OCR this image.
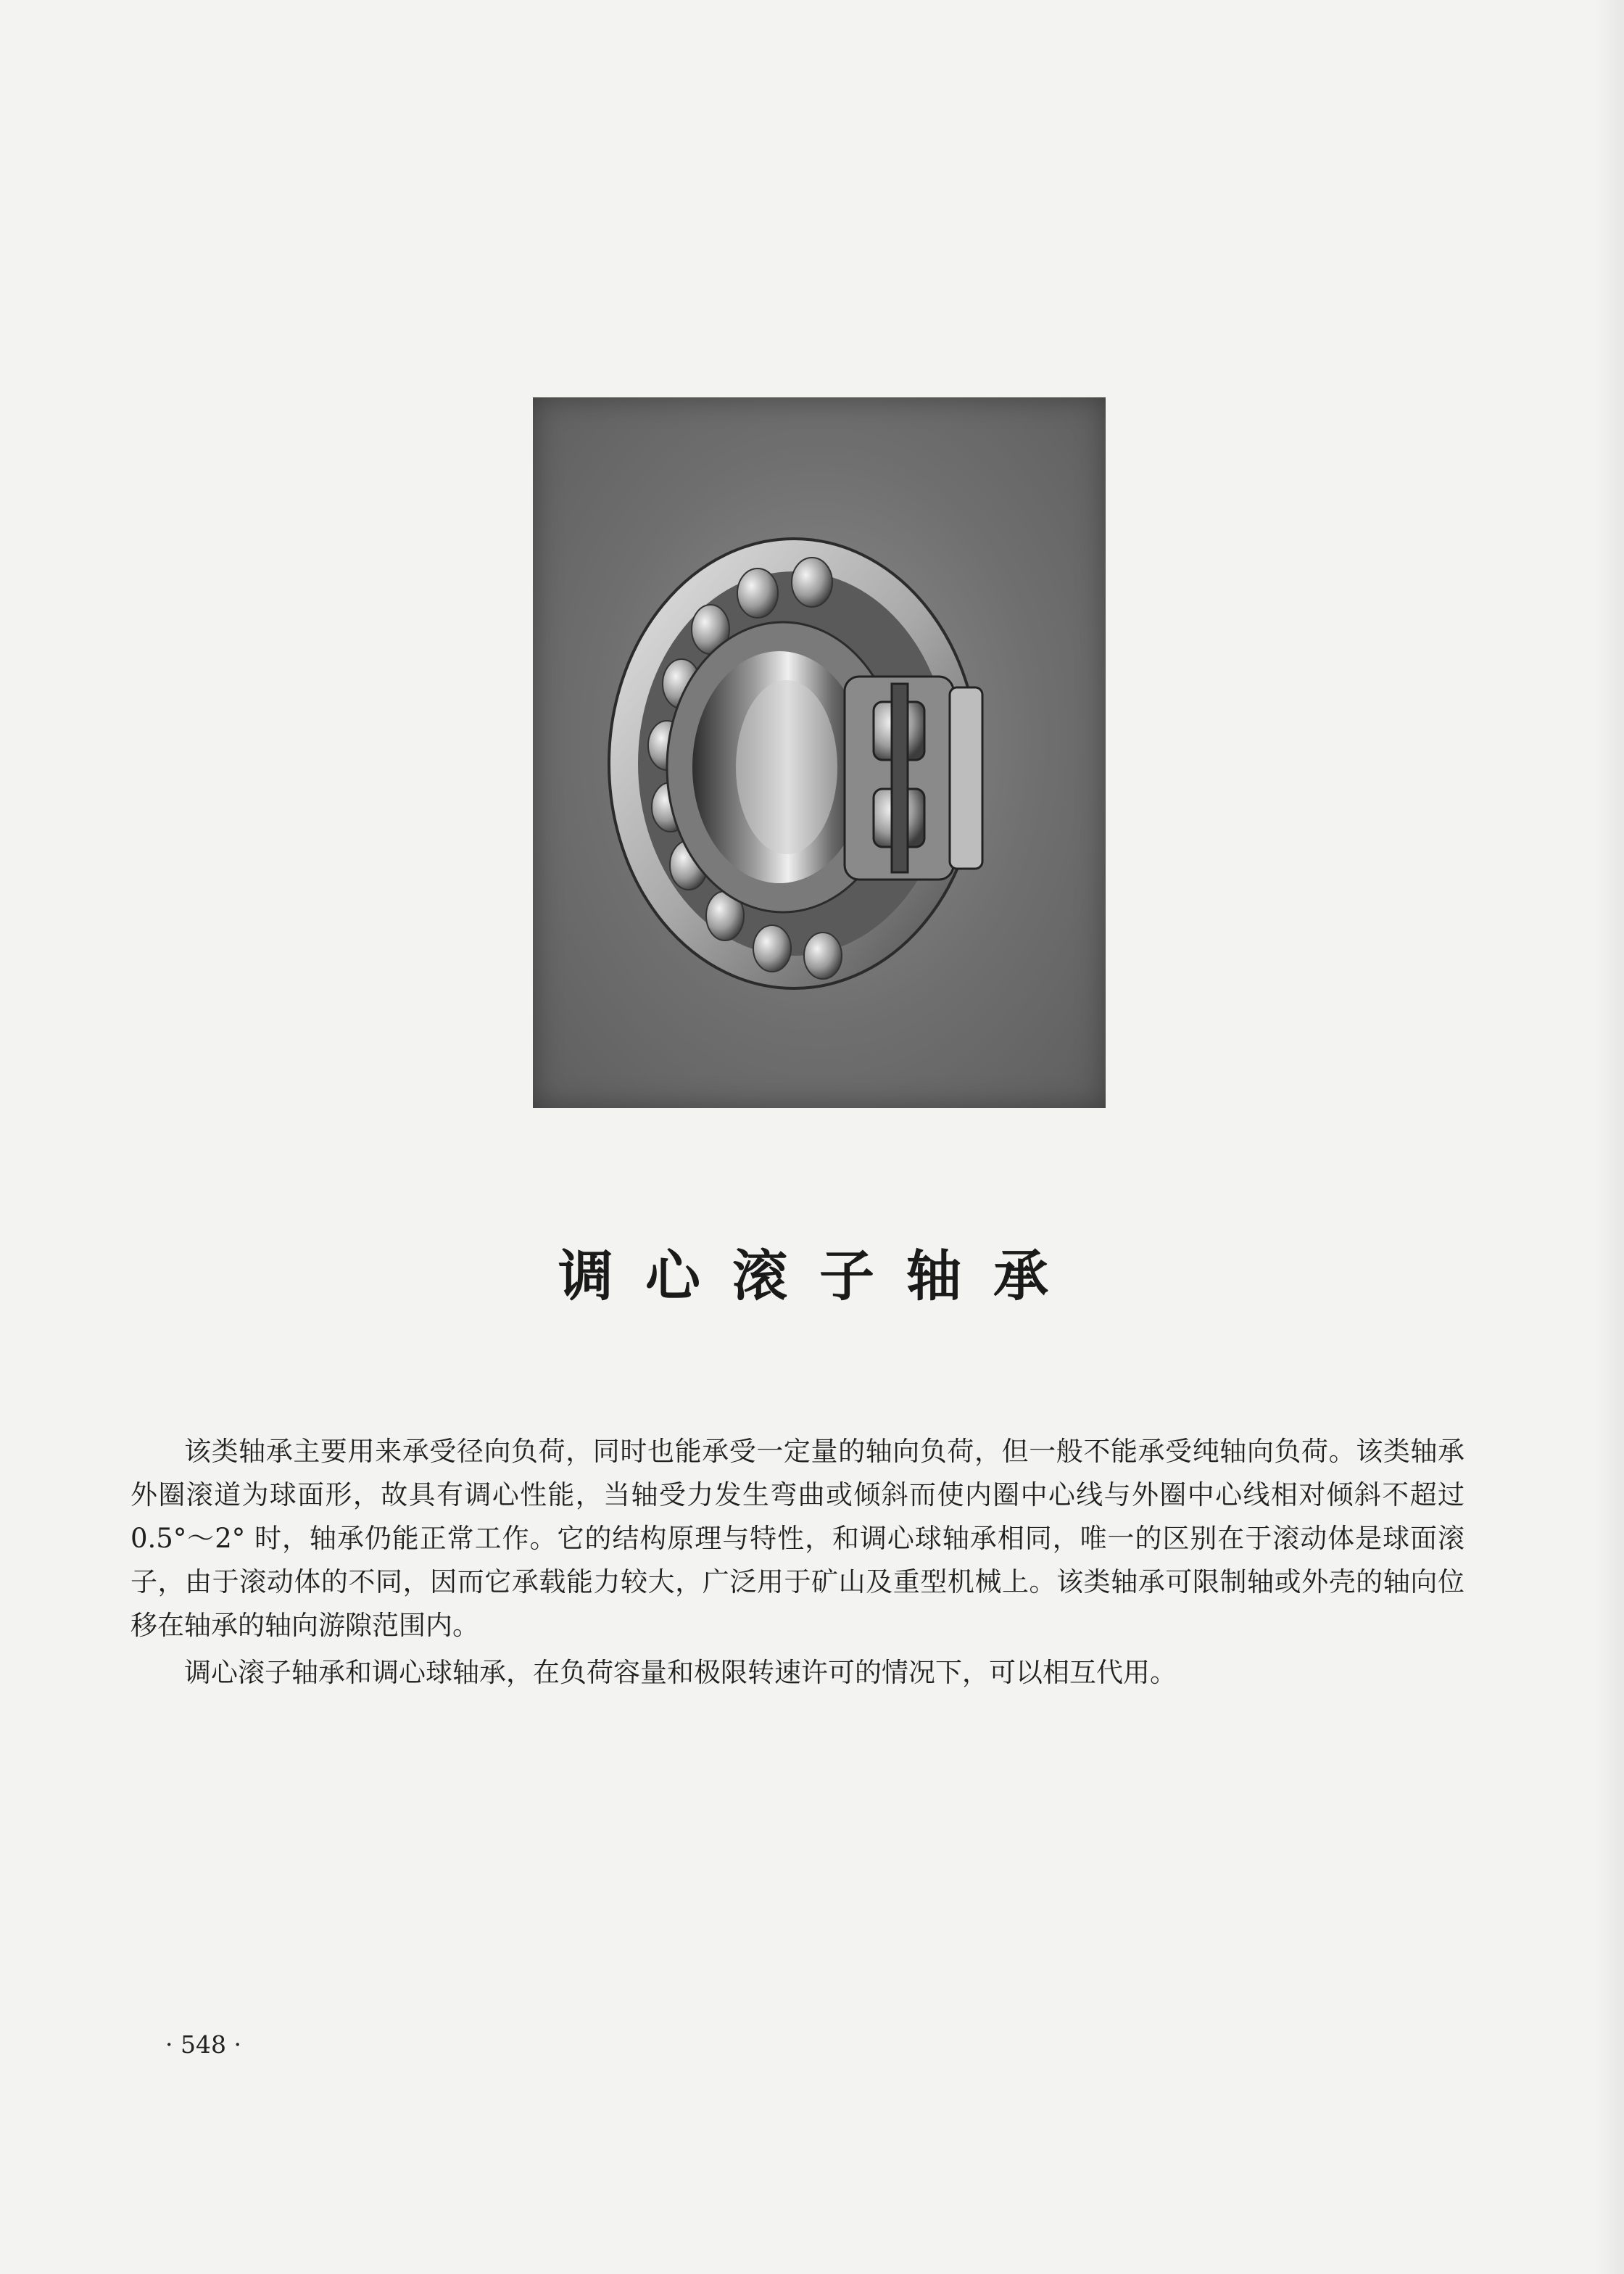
调心滚子轴承

该类轴承主要用来承受径向负荷，同时也能承受一定量的轴向负荷，但一般不能承受纯轴向负荷。该类轴承外圈滚道为球面形，故具有调心性能，当轴受力发生弯曲或倾斜而使内圈中心线与外圈中心线相对倾斜不超过 0.5°～2° 时，轴承仍能正常工作。它的结构原理与特性，和调心球轴承相同，唯一的区别在于滚动体是球面滚子，由于滚动体的不同，因而它承载能力较大，广泛用于矿山及重型机械上。该类轴承可限制轴或外壳的轴向位移在轴承的轴向游隙范围内。

调心滚子轴承和调心球轴承，在负荷容量和极限转速许可的情况下，可以相互代用。

· 548 ·
